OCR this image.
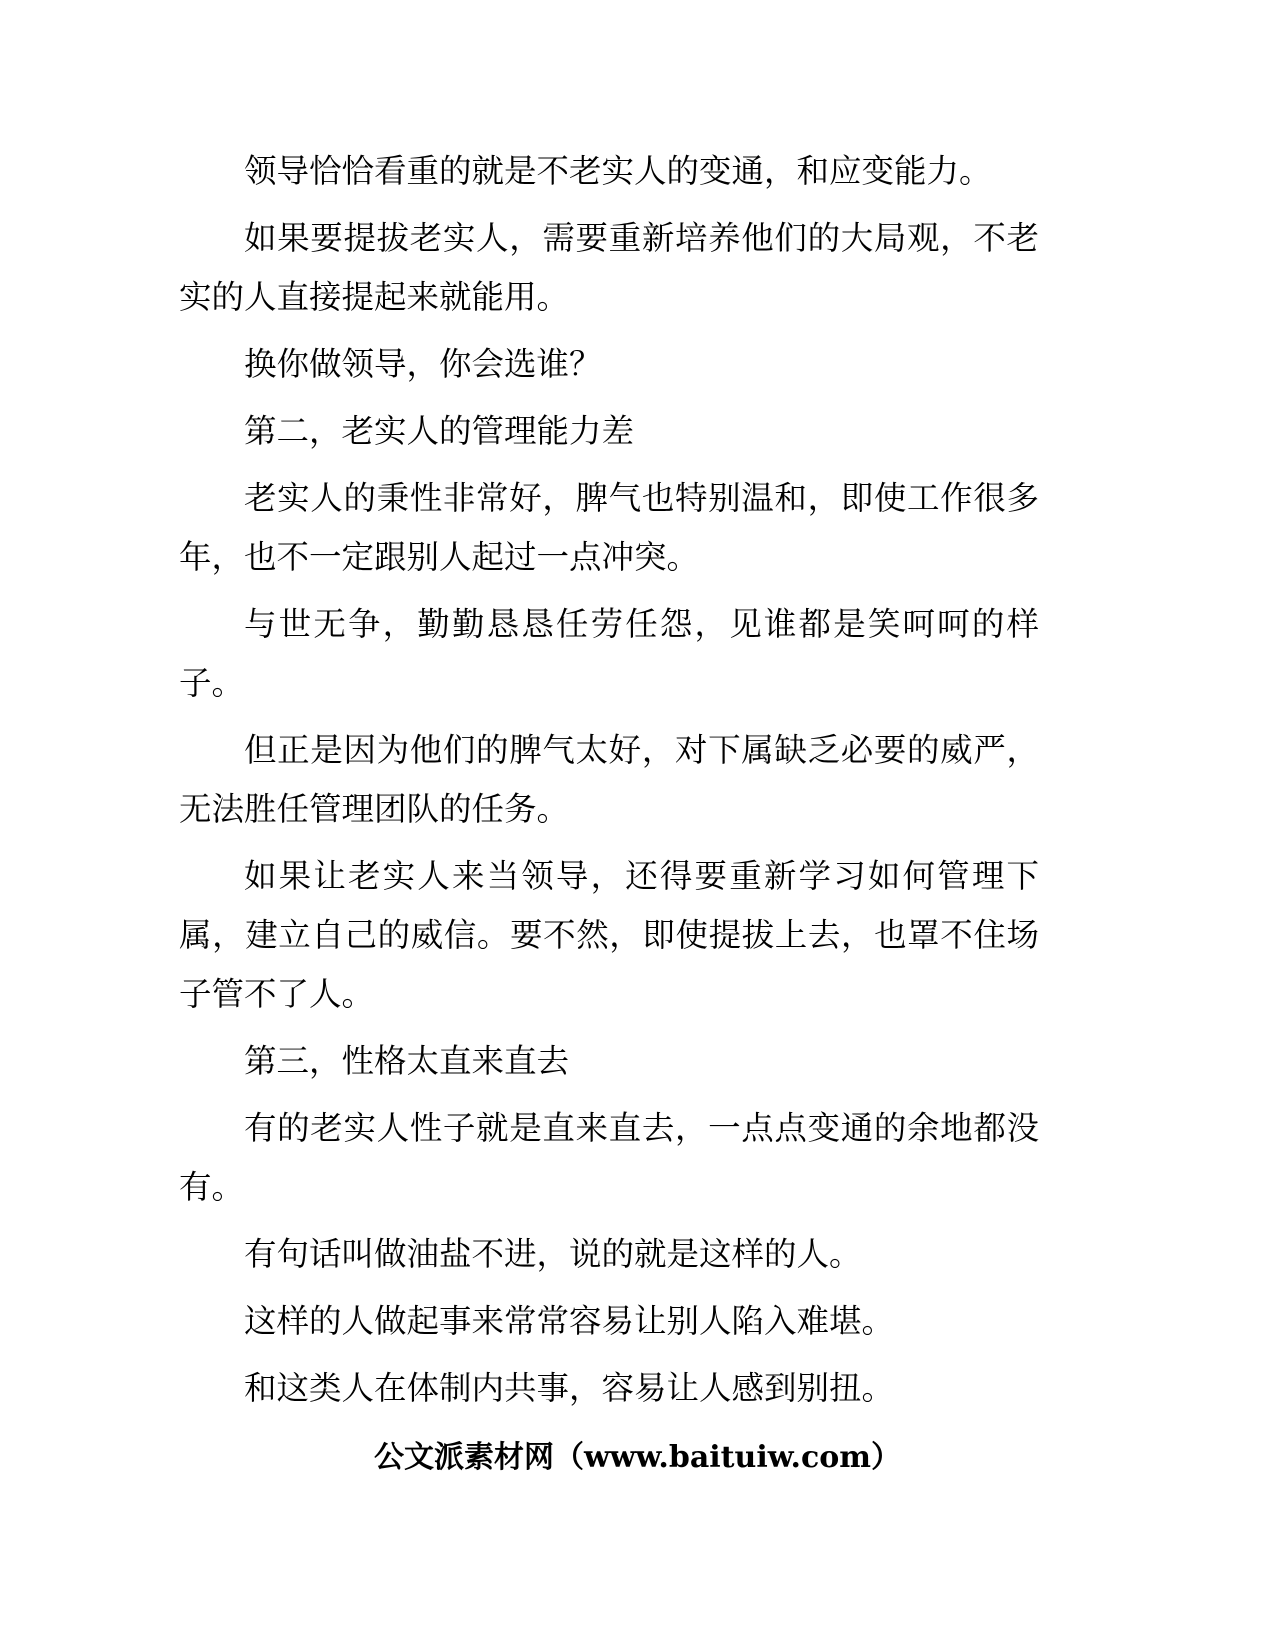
领导恰恰看重的就是不老实人的变通，和应变能力。

如果要提拔老实人，需要重新培养他们的大局观，不老实的人直接提起来就能用。

换你做领导，你会选谁？

第二，老实人的管理能力差

老实人的秉性非常好，脾气也特别温和，即使工作很多年，也不一定跟别人起过一点冲突。

与世无争，勤勤恳恳任劳任怨，见谁都是笑呵呵的样子。

但正是因为他们的脾气太好，对下属缺乏必要的威严，无法胜任管理团队的任务。

如果让老实人来当领导，还得要重新学习如何管理下属，建立自己的威信。要不然，即使提拔上去，也罩不住场子管不了人。

第三，性格太直来直去

有的老实人性子就是直来直去，一点点变通的余地都没有。

有句话叫做油盐不进，说的就是这样的人。

这样的人做起事来常常容易让别人陷入难堪。

和这类人在体制内共事，容易让人感到别扭。

公文派素材网（www.baituiw.com）
